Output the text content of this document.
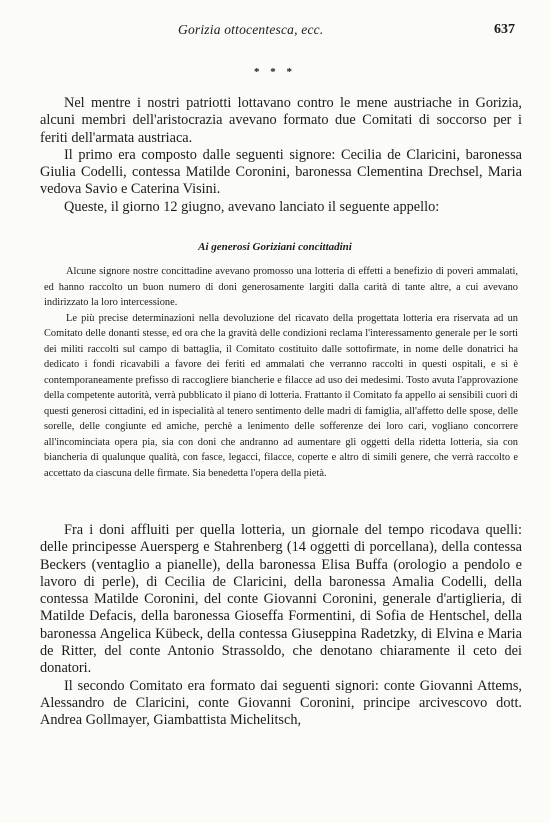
Gorizia ottocentesca, ecc.	637
* * *

Nel mentre i nostri patriotti lottavano contro le mene austriache in Gorizia, alcuni membri dell'aristocrazia avevano formato due Comitati di soccorso per i feriti dell'armata austriaca.

Il primo era composto dalle seguenti signore: Cecilia de Claricini, baronessa Giulia Codelli, contessa Matilde Coronini, baronessa Clementina Drechsel, Maria vedova Savio e Caterina Visini.

Queste, il giorno 12 giugno, avevano lanciato il seguente appello:

Ai generosi Goriziani concittadini

Alcune signore nostre concittadine avevano promosso una lotteria di effetti a benefizio di poveri ammalati, ed hanno raccolto un buon numero di doni generosamente largiti dalla carità di tante altre, a cui avevano indirizzato la loro intercessione.

Le più precise determinazioni nella devoluzione del ricavato della progettata lotteria era riservata ad un Comitato delle donanti stesse, ed ora che la gravità delle condizioni reclama l'interessamento generale per le sorti dei militi raccolti sul campo di battaglia, il Comitato costituito dalle sottofirmate, in nome delle donatrici ha dedicato i fondi ricavabili a favore dei feriti ed ammalati che verranno raccolti in questi ospitali, e si è contemporaneamente prefisso di raccogliere biancherie e filacce ad uso dei medesimi. Tosto avuta l'approvazione della competente autorità, verrà pubblicato il piano di lotteria. Frattanto il Comitato fa appello ai sensibili cuori di questi generosi cittadini, ed in ispecialità al tenero sentimento delle madri di famiglia, all'affetto delle spose, delle sorelle, delle congiunte ed amiche, perchè a lenimento delle sofferenze dei loro cari, vogliano concorrere all'incominciata opera pia, sia con doni che andranno ad aumentare gli oggetti della ridetta lotteria, sia con biancheria di qualunque qualità, con fasce, legacci, filacce, coperte e altro di simili genere, che verrà raccolto e accettato da ciascuna delle firmate. Sia benedetta l'opera della pietà.

Fra i doni affluiti per quella lotteria, un giornale del tempo ricodava quelli: delle principesse Auersperg e Stahrenberg (14 oggetti di porcellana), della contessa Beckers (ventaglio a pianelle), della baronessa Elisa Buffa (orologio a pendolo e lavoro di perle), di Cecilia de Claricini, della baronessa Amalia Codelli, della contessa Matilde Coronini, del conte Giovanni Coronini, generale d'artiglieria, di Matilde Defacis, della baronessa Gioseffa Formentini, di Sofia de Hentschel, della baronessa Angelica Kübeck, della contessa Giuseppina Radetzky, di Elvina e Maria de Ritter, del conte Antonio Strassoldo, che denotano chiaramente il ceto dei donatori.

Il secondo Comitato era formato dai seguenti signori: conte Giovanni Attems, Alessandro de Claricini, conte Giovanni Coronini, principe arcivescovo dott. Andrea Gollmayer, Giambattista Michelitsch,
